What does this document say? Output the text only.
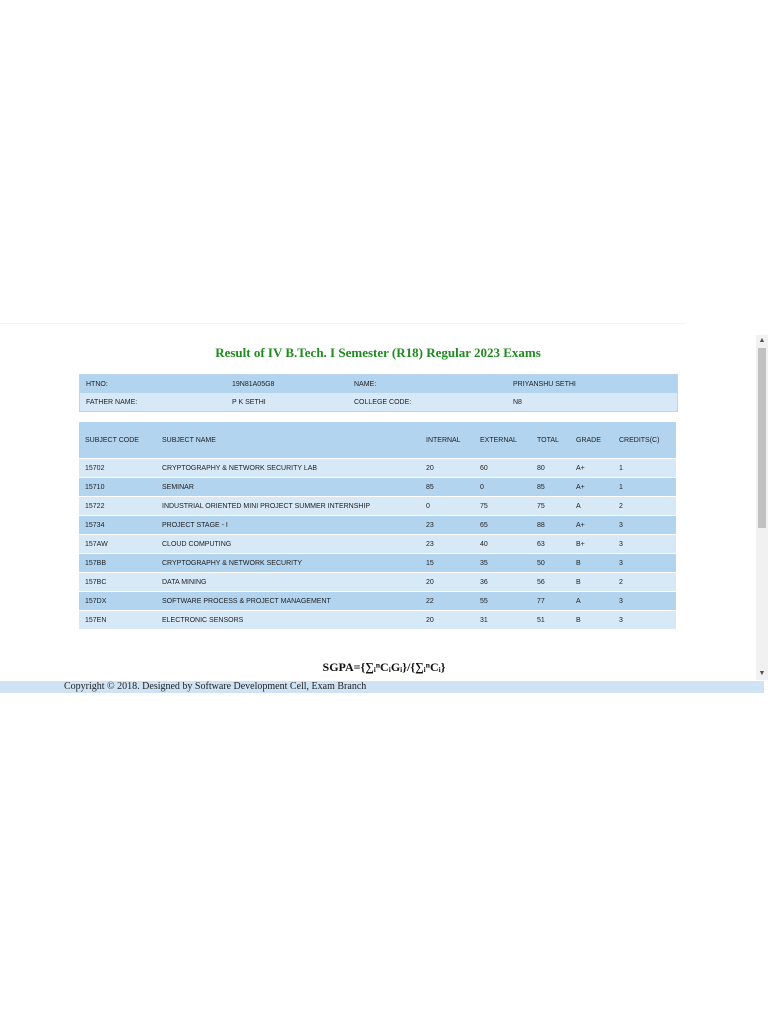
Result of IV B.Tech. I Semester (R18) Regular 2023 Exams
HTNO:	19N81A05G8	NAME:	PRIYANSHU SETHI
FATHER NAME:	P K SETHI	COLLEGE CODE:	N8
SUBJECT CODE	SUBJECT NAME	INTERNAL	EXTERNAL	TOTAL	GRADE	CREDITS(C)
15702	CRYPTOGRAPHY & NETWORK SECURITY LAB	20	60	80	A+	1
15710	SEMINAR	85	0	85	A+	1
15722	INDUSTRIAL ORIENTED MINI PROJECT SUMMER INTERNSHIP	0	75	75	A	2
15734	PROJECT STAGE - I	23	65	88	A+	3
157AW	CLOUD COMPUTING	23	40	63	B+	3
157BB	CRYPTOGRAPHY & NETWORK SECURITY	15	35	50	B	3
157BC	DATA MINING	20	36	56	B	2
157DX	SOFTWARE PROCESS & PROJECT MANAGEMENT	22	55	77	A	3
157EN	ELECTRONIC SENSORS	20	31	51	B	3
SGPA={∑ᵢⁿCᵢGᵢ}/{∑ᵢⁿCᵢ}
▲
▼
Copyright © 2018. Designed by Software Development Cell, Exam Branch
